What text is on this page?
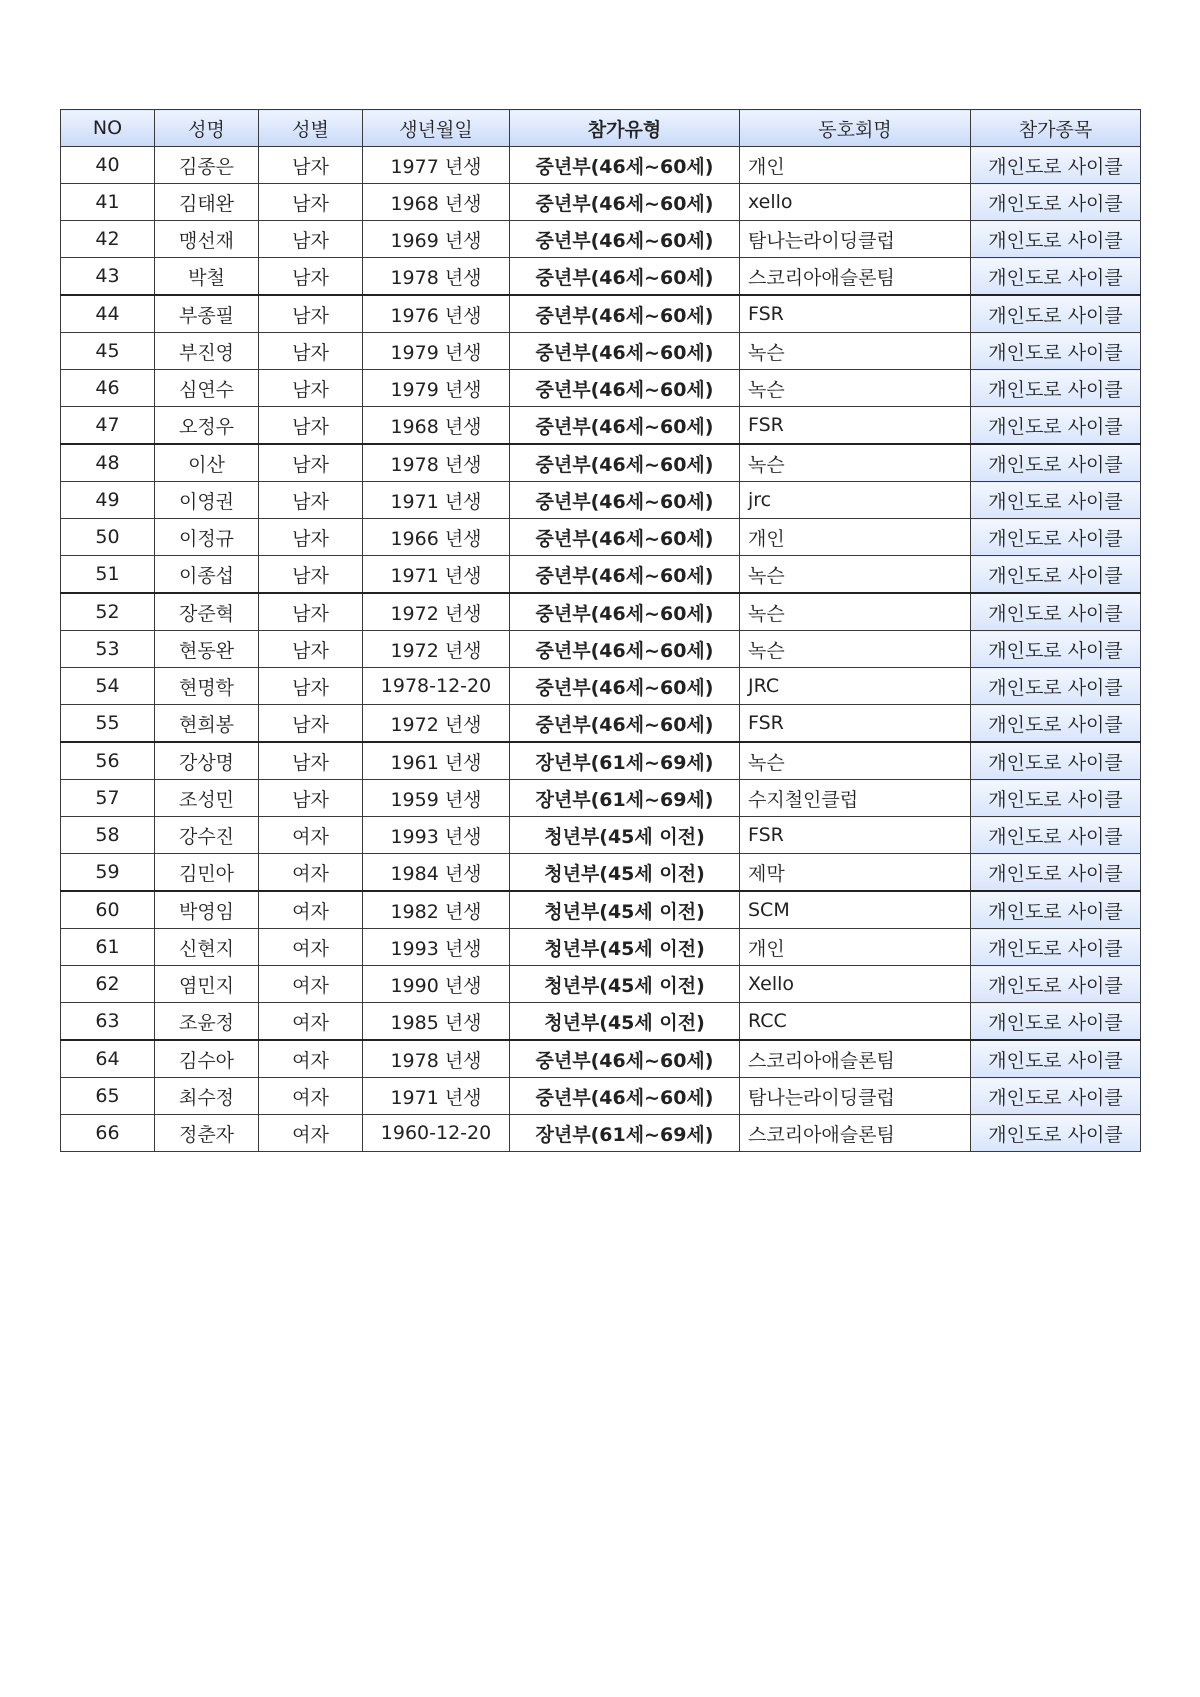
NO	성명	성별	생년월일	참가유형	동호회명	참가종목
40	김종은	남자	1977 년생	중년부(46세~60세)	개인	개인도로 사이클
41	김태완	남자	1968 년생	중년부(46세~60세)	xello	개인도로 사이클
42	맹선재	남자	1969 년생	중년부(46세~60세)	탐나는라이딩클럽	개인도로 사이클
43	박철	남자	1978 년생	중년부(46세~60세)	스코리아애슬론팀	개인도로 사이클
44	부종필	남자	1976 년생	중년부(46세~60세)	FSR	개인도로 사이클
45	부진영	남자	1979 년생	중년부(46세~60세)	녹슨	개인도로 사이클
46	심연수	남자	1979 년생	중년부(46세~60세)	녹슨	개인도로 사이클
47	오정우	남자	1968 년생	중년부(46세~60세)	FSR	개인도로 사이클
48	이산	남자	1978 년생	중년부(46세~60세)	녹슨	개인도로 사이클
49	이영권	남자	1971 년생	중년부(46세~60세)	jrc	개인도로 사이클
50	이정규	남자	1966 년생	중년부(46세~60세)	개인	개인도로 사이클
51	이종섭	남자	1971 년생	중년부(46세~60세)	녹슨	개인도로 사이클
52	장준혁	남자	1972 년생	중년부(46세~60세)	녹슨	개인도로 사이클
53	현동완	남자	1972 년생	중년부(46세~60세)	녹슨	개인도로 사이클
54	현명학	남자	1978-12-20	중년부(46세~60세)	JRC	개인도로 사이클
55	현희봉	남자	1972 년생	중년부(46세~60세)	FSR	개인도로 사이클
56	강상명	남자	1961 년생	장년부(61세~69세)	녹슨	개인도로 사이클
57	조성민	남자	1959 년생	장년부(61세~69세)	수지철인클럽	개인도로 사이클
58	강수진	여자	1993 년생	청년부(45세 이전)	FSR	개인도로 사이클
59	김민아	여자	1984 년생	청년부(45세 이전)	제막	개인도로 사이클
60	박영임	여자	1982 년생	청년부(45세 이전)	SCM	개인도로 사이클
61	신현지	여자	1993 년생	청년부(45세 이전)	개인	개인도로 사이클
62	염민지	여자	1990 년생	청년부(45세 이전)	Xello	개인도로 사이클
63	조윤정	여자	1985 년생	청년부(45세 이전)	RCC	개인도로 사이클
64	김수아	여자	1978 년생	중년부(46세~60세)	스코리아애슬론팀	개인도로 사이클
65	최수정	여자	1971 년생	중년부(46세~60세)	탐나는라이딩클럽	개인도로 사이클
66	정춘자	여자	1960-12-20	장년부(61세~69세)	스코리아애슬론팀	개인도로 사이클
